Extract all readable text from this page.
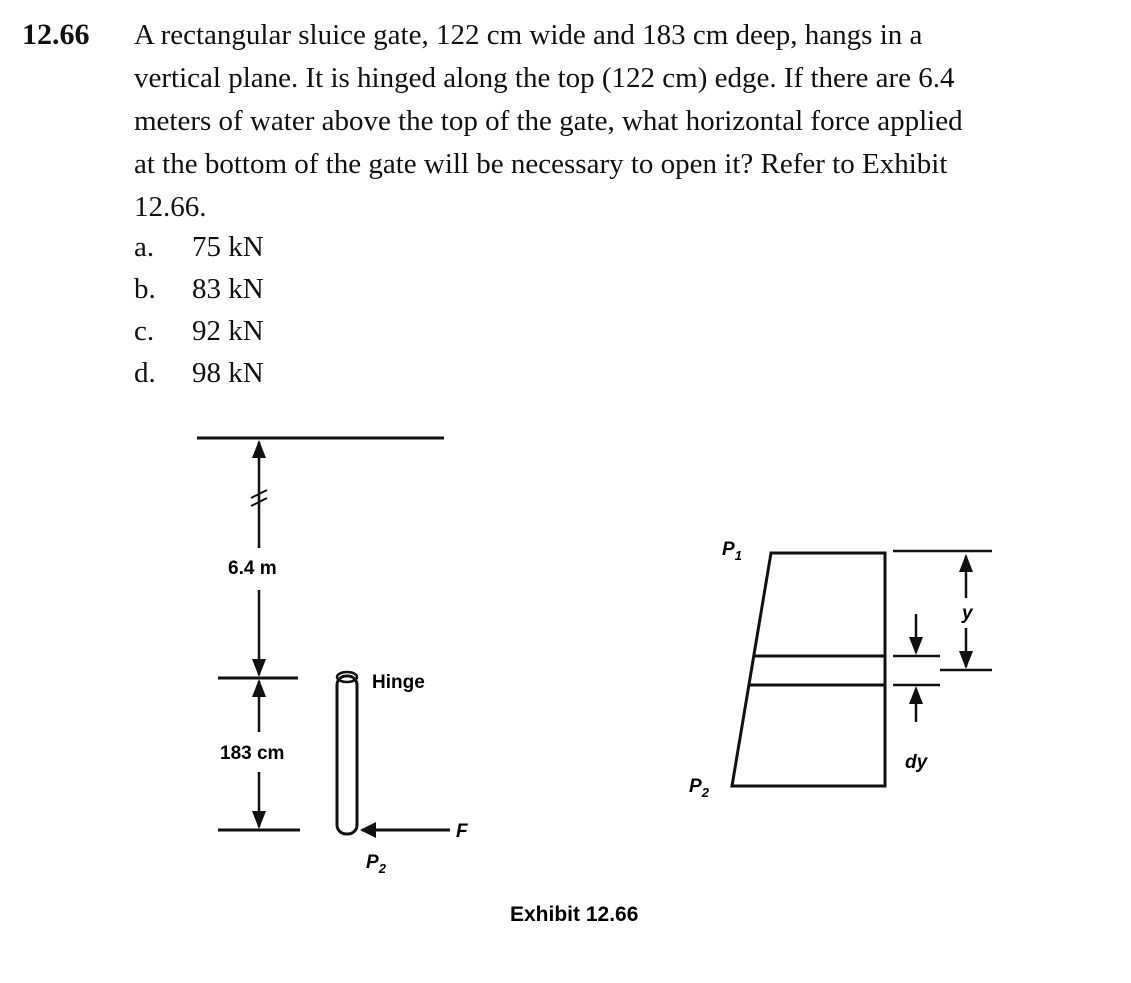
12.66 A rectangular sluice gate, 122 cm wide and 183 cm deep, hangs in a
vertical plane. It is hinged along the top (122 cm) edge. If there are 6.4
meters of water above the top of the gate, what horizontal force applied
at the bottom of the gate will be necessary to open it? Refer to Exhibit
12.66.
a.	75 kN
b.	83 kN
c.	92 kN
d.	98 kN
6.4 m
183 cm
Hinge
F
$P_2$
$P_1$
$P_2$
y
dy
Exhibit 12.66
